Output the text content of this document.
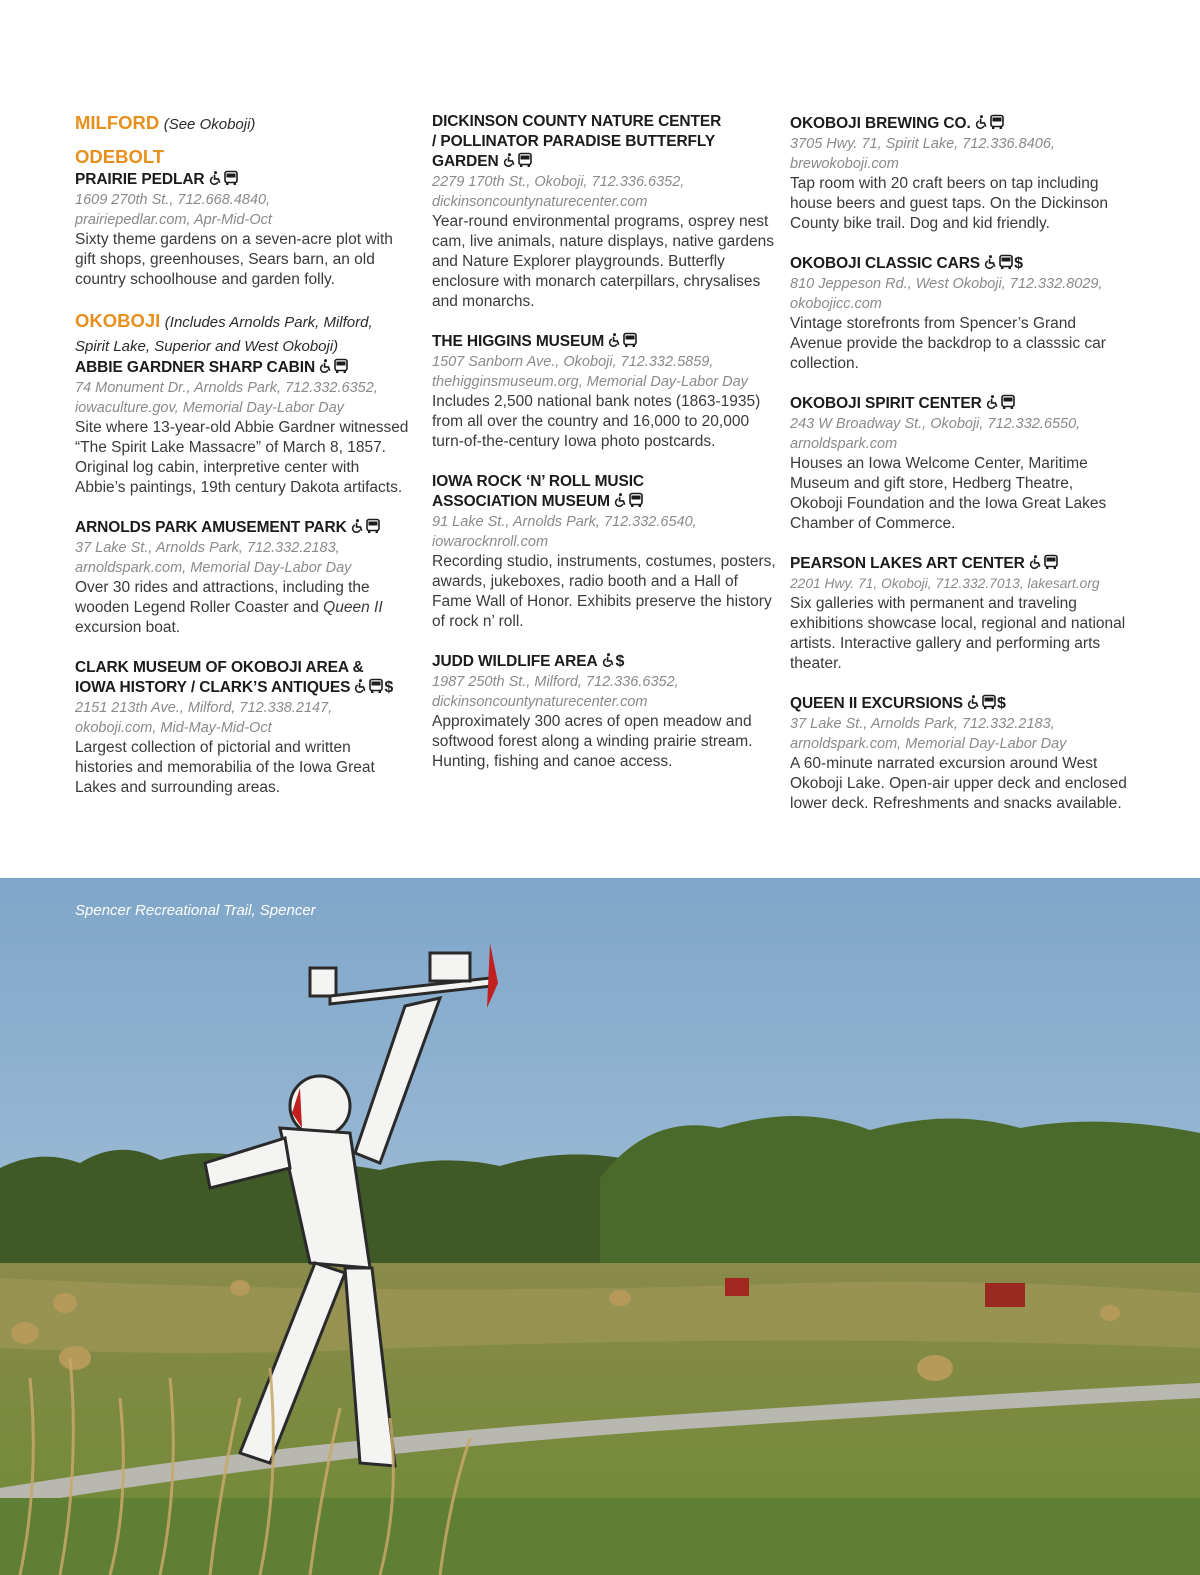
MILFORD (See Okoboji)

ODEBOLT

PRAIRIE PEDLAR

1609 270th St., 712.668.4840,

prairiepedlar.com, Apr-Mid-Oct

Sixty theme gardens on a seven-acre plot with gift shops, greenhouses, Sears barn, an old country schoolhouse and garden folly.

OKOBOJI (Includes Arnolds Park, Milford,

Spirit Lake, Superior and West Okoboji)

ABBIE GARDNER SHARP CABIN

74 Monument Dr., Arnolds Park, 712.332.6352,

iowaculture.gov, Memorial Day-Labor Day

Site where 13-year-old Abbie Gardner witnessed “The Spirit Lake Massacre” of March 8, 1857. Original log cabin, interpretive center with Abbie’s paintings, 19th century Dakota artifacts.

ARNOLDS PARK AMUSEMENT PARK

37 Lake St., Arnolds Park, 712.332.2183,

arnoldspark.com, Memorial Day-Labor Day

Over 30 rides and attractions, including the wooden Legend Roller Coaster and Queen II excursion boat.

CLARK MUSEUM OF OKOBOJI AREA &

IOWA HISTORY / CLARK’S ANTIQUES $

2151 213th Ave., Milford, 712.338.2147,

okoboji.com, Mid-May-Mid-Oct

Largest collection of pictorial and written histories and memorabilia of the Iowa Great Lakes and surrounding areas.

DICKINSON COUNTY NATURE CENTER

/ POLLINATOR PARADISE BUTTERFLY

GARDEN

2279 170th St., Okoboji, 712.336.6352,

dickinsoncountynaturecenter.com

Year-round environmental programs, osprey nest cam, live animals, nature displays, native gardens and Nature Explorer playgrounds. Butterfly enclosure with monarch caterpillars, chrysalises and monarchs.

THE HIGGINS MUSEUM

1507 Sanborn Ave., Okoboji, 712.332.5859,

thehigginsmuseum.org, Memorial Day-Labor Day

Includes 2,500 national bank notes (1863-1935) from all over the country and 16,000 to 20,000 turn-of-the-century Iowa photo postcards.

IOWA ROCK ‘N’ ROLL MUSIC

ASSOCIATION MUSEUM

91 Lake St., Arnolds Park, 712.332.6540,

iowarocknroll.com

Recording studio, instruments, costumes, posters, awards, jukeboxes, radio booth and a Hall of Fame Wall of Honor. Exhibits preserve the history of rock n’ roll.

JUDD WILDLIFE AREA $

1987 250th St., Milford, 712.336.6352,

dickinsoncountynaturecenter.com

Approximately 300 acres of open meadow and softwood forest along a winding prairie stream. Hunting, fishing and canoe access.

OKOBOJI BREWING CO.

3705 Hwy. 71, Spirit Lake, 712.336.8406,

brewokoboji.com

Tap room with 20 craft beers on tap including house beers and guest taps. On the Dickinson County bike trail. Dog and kid friendly.

OKOBOJI CLASSIC CARS $

810 Jeppeson Rd., West Okoboji, 712.332.8029,

okobojicc.com

Vintage storefronts from Spencer’s Grand Avenue provide the backdrop to a classsic car collection.

OKOBOJI SPIRIT CENTER

243 W Broadway St., Okoboji, 712.332.6550,

arnoldspark.com

Houses an Iowa Welcome Center, Maritime Museum and gift store, Hedberg Theatre, Okoboji Foundation and the Iowa Great Lakes Chamber of Commerce.

PEARSON LAKES ART CENTER

2201 Hwy. 71, Okoboji, 712.332.7013, lakesart.org

Six galleries with permanent and traveling exhibitions showcase local, regional and national artists. Interactive gallery and performing arts theater.

QUEEN II EXCURSIONS $

37 Lake St., Arnolds Park, 712.332.2183,

arnoldspark.com, Memorial Day-Labor Day

A 60-minute narrated excursion around West Okoboji Lake. Open-air upper deck and enclosed lower deck. Refreshments and snacks available.

Spencer Recreational Trail, Spencer
